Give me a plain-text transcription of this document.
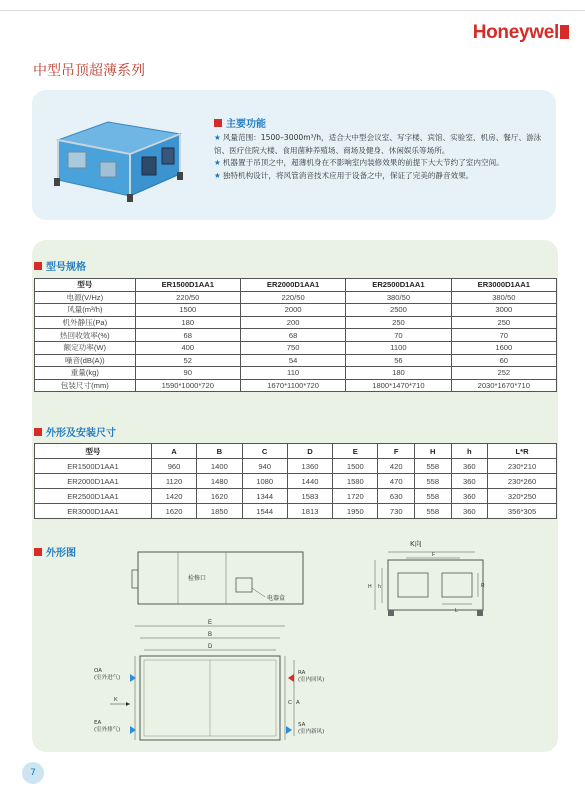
Honeywel
中型吊顶超薄系列
主要功能
★ 风量范围：1500–3000m³/h，适合大中型会议室、写字楼、宾馆、实验室、机房、餐厅、游泳馆、医疗住院大楼、食用菌种养殖场、商场及健身、休闲娱乐等场所。
★ 机器置于吊顶之中，超薄机身在不影响室内装修效果的前提下大大节约了室内空间。
★ 独特机构设计，将风管消音技术应用于设备之中，保证了完美的静音效果。
型号规格
型号	ER1500D1AA1	ER2000D1AA1	ER2500D1AA1	ER3000D1AA1
电源(V/Hz)	220/50	220/50	380/50	380/50
风量(m³/h)	1500	2000	2500	3000
机外静压(Pa)	180	200	250	250
热回收效率(%)	68	68	70	70
额定功率(W)	400	750	1100	1600
噪音(dB(A))	52	54	56	60
重量(kg)	90	110	180	252
包装尺寸(mm)	1590*1000*720	1670*1100*720	1800*1470*710	2030*1670*710
外形及安装尺寸
型号	A	B	C	D	E	F	H	h	L*R
ER1500D1AA1	960	1400	940	1360	1500	420	558	360	230*210
ER2000D1AA1	1120	1480	1080	1440	1580	470	558	360	230*260
ER2500D1AA1	1420	1620	1344	1583	1720	630	558	360	320*250
ER3000D1AA1	1620	1850	1544	1813	1950	730	558	360	356*305
外形图
检修口
电器盒
K向
F
H h	R
L
E
B
D
C A
K
OA
(室外进气)
EA
(室外排气)
RA
(室内回风)
SA
(室内新风)
7
